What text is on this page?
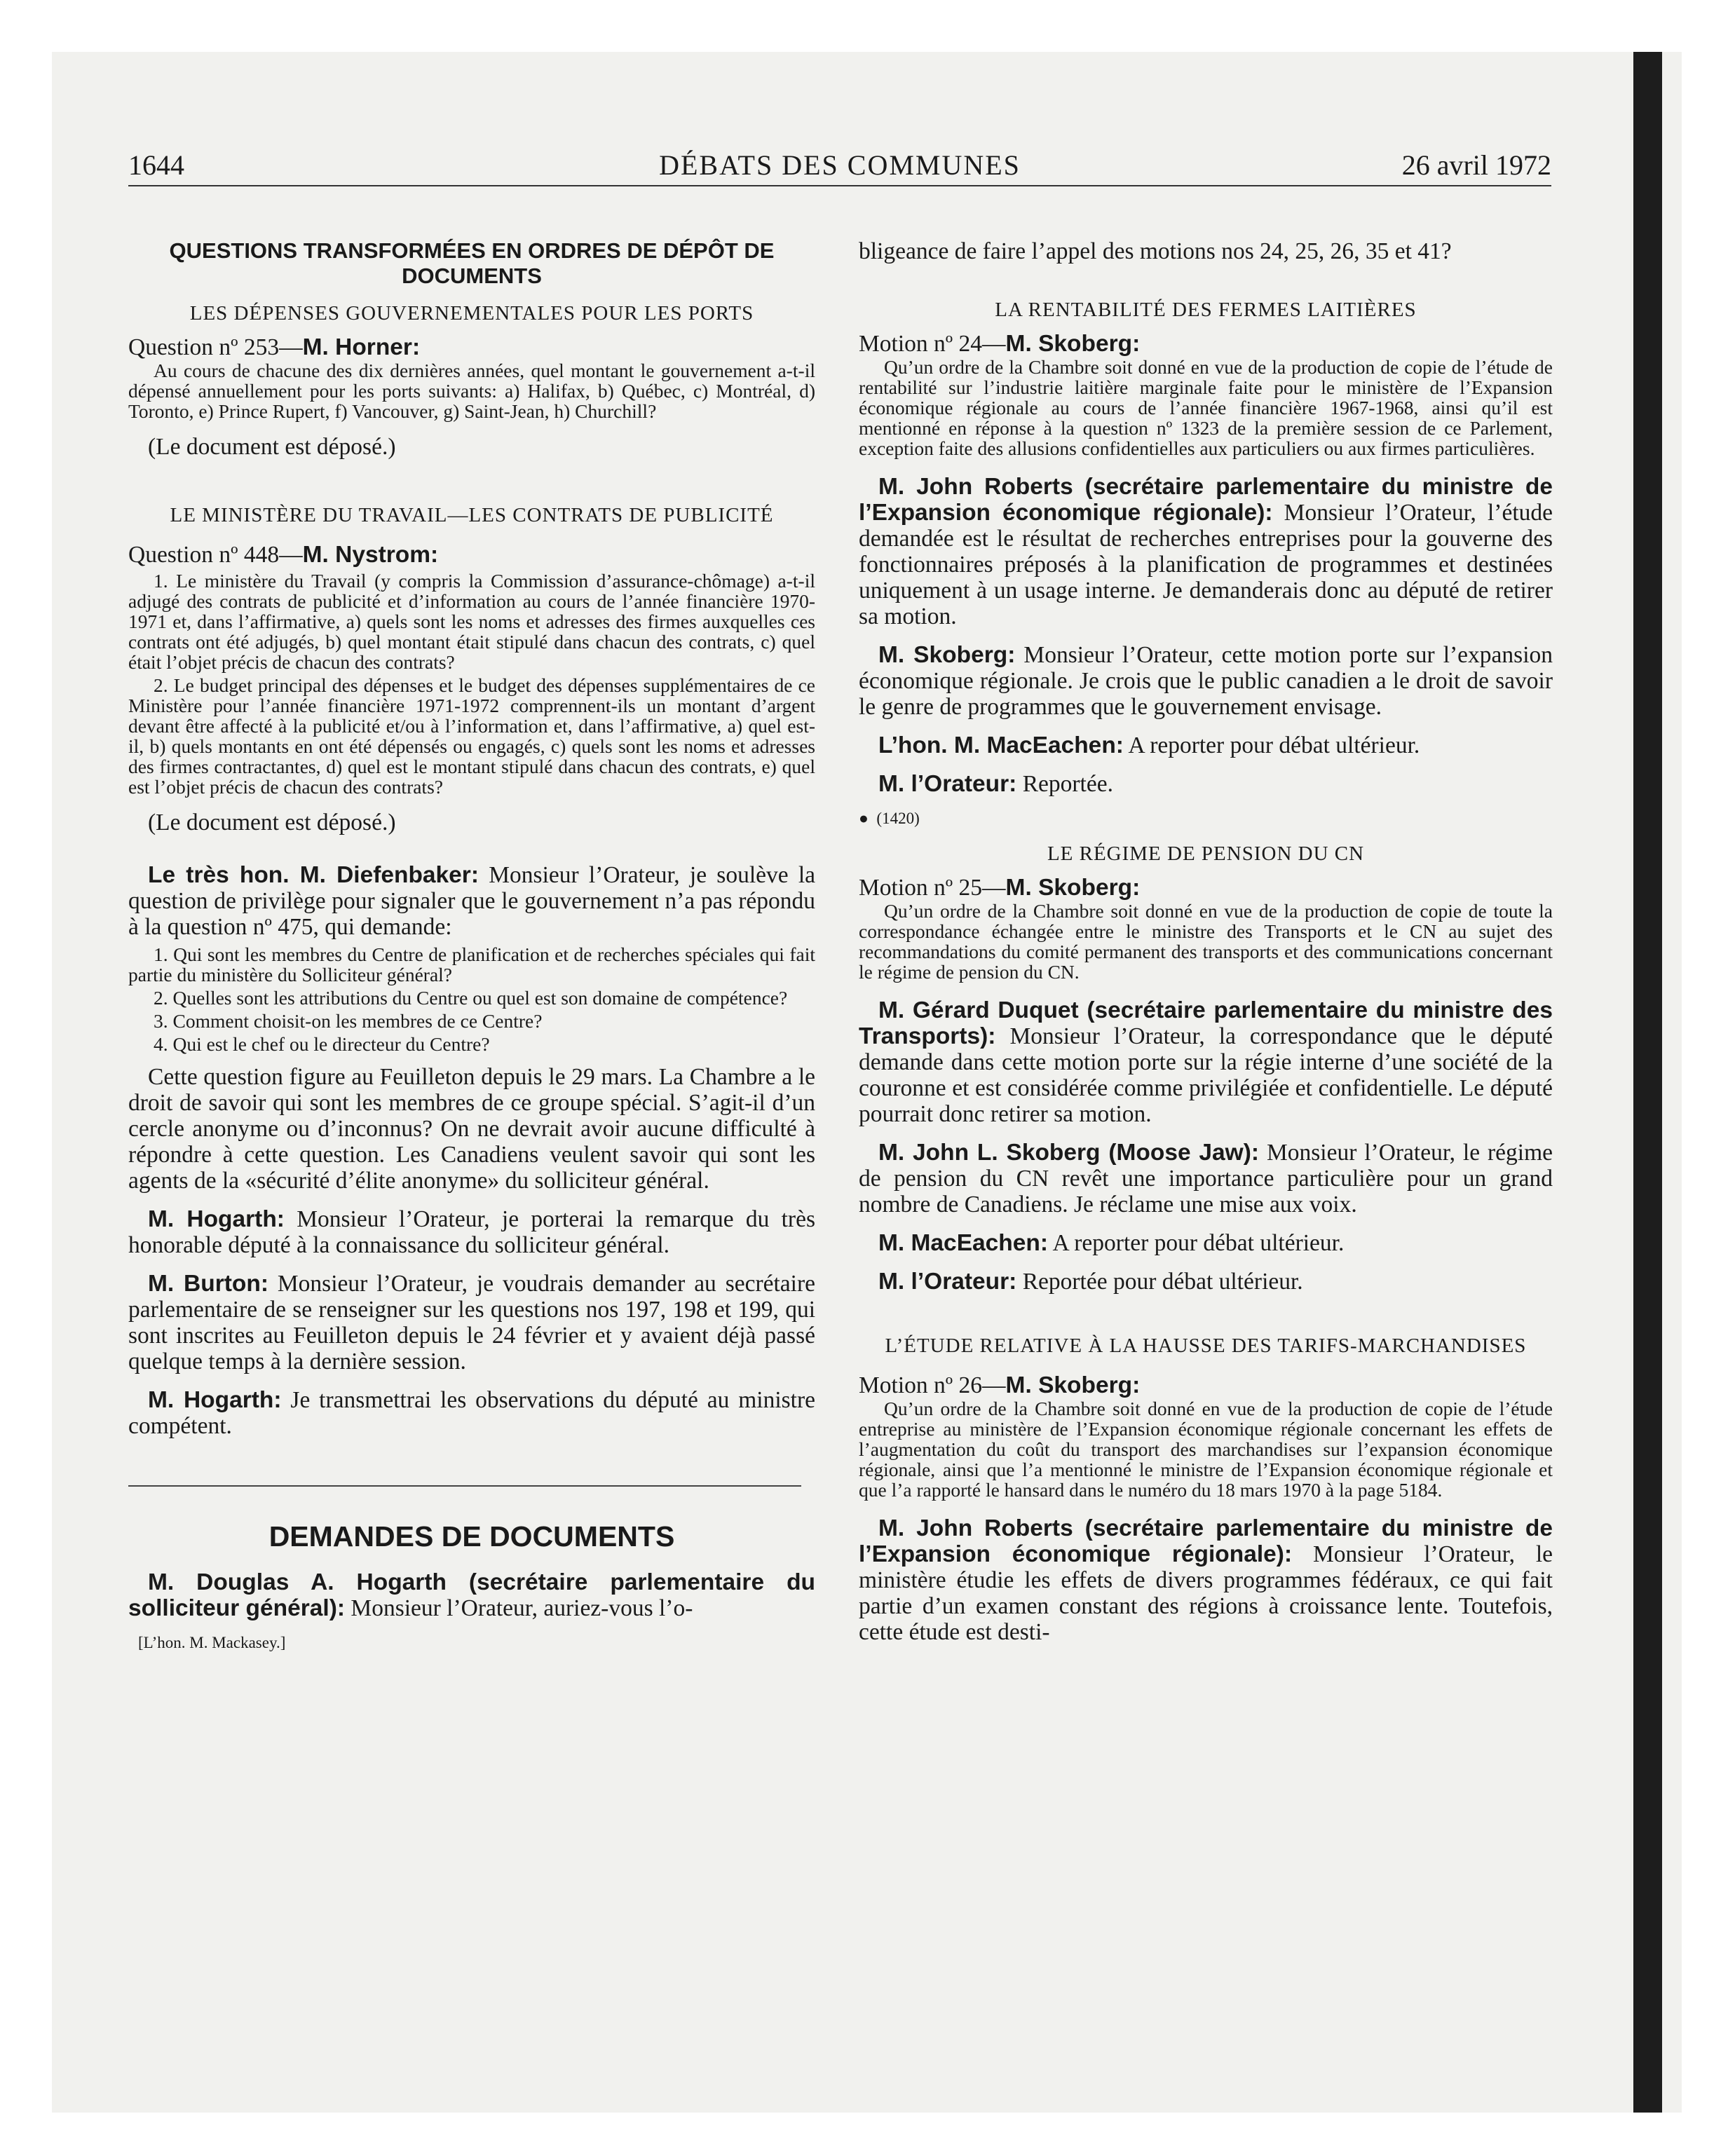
1644	DÉBATS DES COMMUNES	26 avril 1972

QUESTIONS TRANSFORMÉES EN ORDRES DE DÉPÔT DE DOCUMENTS

LES DÉPENSES GOUVERNEMENTALES POUR LES PORTS

Question nº 253—M. Horner:

Au cours de chacune des dix dernières années, quel montant le gouvernement a-t-il dépensé annuellement pour les ports suivants: a) Halifax, b) Québec, c) Montréal, d) Toronto, e) Prince Rupert, f) Vancouver, g) Saint-Jean, h) Churchill?

(Le document est déposé.)

LE MINISTÈRE DU TRAVAIL—LES CONTRATS DE PUBLICITÉ

Question nº 448—M. Nystrom:

1. Le ministère du Travail (y compris la Commission d’assurance-chômage) a-t-il adjugé des contrats de publicité et d’information au cours de l’année financière 1970-1971 et, dans l’affirmative, a) quels sont les noms et adresses des firmes auxquelles ces contrats ont été adjugés, b) quel montant était stipulé dans chacun des contrats, c) quel était l’objet précis de chacun des contrats?

2. Le budget principal des dépenses et le budget des dépenses supplémentaires de ce Ministère pour l’année financière 1971-1972 comprennent-ils un montant d’argent devant être affecté à la publicité et/ou à l’information et, dans l’affirmative, a) quel est-il, b) quels montants en ont été dépensés ou engagés, c) quels sont les noms et adresses des firmes contractantes, d) quel est le montant stipulé dans chacun des contrats, e) quel est l’objet précis de chacun des contrats?

(Le document est déposé.)

Le très hon. M. Diefenbaker: Monsieur l’Orateur, je soulève la question de privilège pour signaler que le gouvernement n’a pas répondu à la question nº 475, qui demande:

1. Qui sont les membres du Centre de planification et de recherches spéciales qui fait partie du ministère du Solliciteur général?

2. Quelles sont les attributions du Centre ou quel est son domaine de compétence?

3. Comment choisit-on les membres de ce Centre?

4. Qui est le chef ou le directeur du Centre?

Cette question figure au Feuilleton depuis le 29 mars. La Chambre a le droit de savoir qui sont les membres de ce groupe spécial. S’agit-il d’un cercle anonyme ou d’inconnus? On ne devrait avoir aucune difficulté à répondre à cette question. Les Canadiens veulent savoir qui sont les agents de la «sécurité d’élite anonyme» du solliciteur général.

M. Hogarth: Monsieur l’Orateur, je porterai la remarque du très honorable député à la connaissance du solliciteur général.

M. Burton: Monsieur l’Orateur, je voudrais demander au secrétaire parlementaire de se renseigner sur les questions nos 197, 198 et 199, qui sont inscrites au Feuilleton depuis le 24 février et y avaient déjà passé quelque temps à la dernière session.

M. Hogarth: Je transmettrai les observations du député au ministre compétent.

DEMANDES DE DOCUMENTS

M. Douglas A. Hogarth (secrétaire parlementaire du solliciteur général): Monsieur l’Orateur, auriez-vous l’o-

[L’hon. M. Mackasey.]

bligeance de faire l’appel des motions nos 24, 25, 26, 35 et 41?

LA RENTABILITÉ DES FERMES LAITIÈRES

Motion nº 24—M. Skoberg:

Qu’un ordre de la Chambre soit donné en vue de la production de copie de l’étude de rentabilité sur l’industrie laitière marginale faite pour le ministère de l’Expansion économique régionale au cours de l’année financière 1967-1968, ainsi qu’il est mentionné en réponse à la question nº 1323 de la première session de ce Parlement, exception faite des allusions confidentielles aux particuliers ou aux firmes particulières.

M. John Roberts (secrétaire parlementaire du ministre de l’Expansion économique régionale): Monsieur l’Orateur, l’étude demandée est le résultat de recherches entreprises pour la gouverne des fonctionnaires préposés à la planification de programmes et destinées uniquement à un usage interne. Je demanderais donc au député de retirer sa motion.

M. Skoberg: Monsieur l’Orateur, cette motion porte sur l’expansion économique régionale. Je crois que le public canadien a le droit de savoir le genre de programmes que le gouvernement envisage.

L’hon. M. MacEachen: A reporter pour débat ultérieur.

M. l’Orateur: Reportée.

● (1420)

LE RÉGIME DE PENSION DU CN

Motion nº 25—M. Skoberg:

Qu’un ordre de la Chambre soit donné en vue de la production de copie de toute la correspondance échangée entre le ministre des Transports et le CN au sujet des recommandations du comité permanent des transports et des communications concernant le régime de pension du CN.

M. Gérard Duquet (secrétaire parlementaire du ministre des Transports): Monsieur l’Orateur, la correspondance que le député demande dans cette motion porte sur la régie interne d’une société de la couronne et est considérée comme privilégiée et confidentielle. Le député pourrait donc retirer sa motion.

M. John L. Skoberg (Moose Jaw): Monsieur l’Orateur, le régime de pension du CN revêt une importance particulière pour un grand nombre de Canadiens. Je réclame une mise aux voix.

M. MacEachen: A reporter pour débat ultérieur.

M. l’Orateur: Reportée pour débat ultérieur.

L’ÉTUDE RELATIVE À LA HAUSSE DES TARIFS-MARCHANDISES

Motion nº 26—M. Skoberg:

Qu’un ordre de la Chambre soit donné en vue de la production de copie de l’étude entreprise au ministère de l’Expansion économique régionale concernant les effets de l’augmentation du coût du transport des marchandises sur l’expansion économique régionale, ainsi que l’a mentionné le ministre de l’Expansion économique régionale et que l’a rapporté le hansard dans le numéro du 18 mars 1970 à la page 5184.

M. John Roberts (secrétaire parlementaire du ministre de l’Expansion économique régionale): Monsieur l’Orateur, le ministère étudie les effets de divers programmes fédéraux, ce qui fait partie d’un examen constant des régions à croissance lente. Toutefois, cette étude est desti-
